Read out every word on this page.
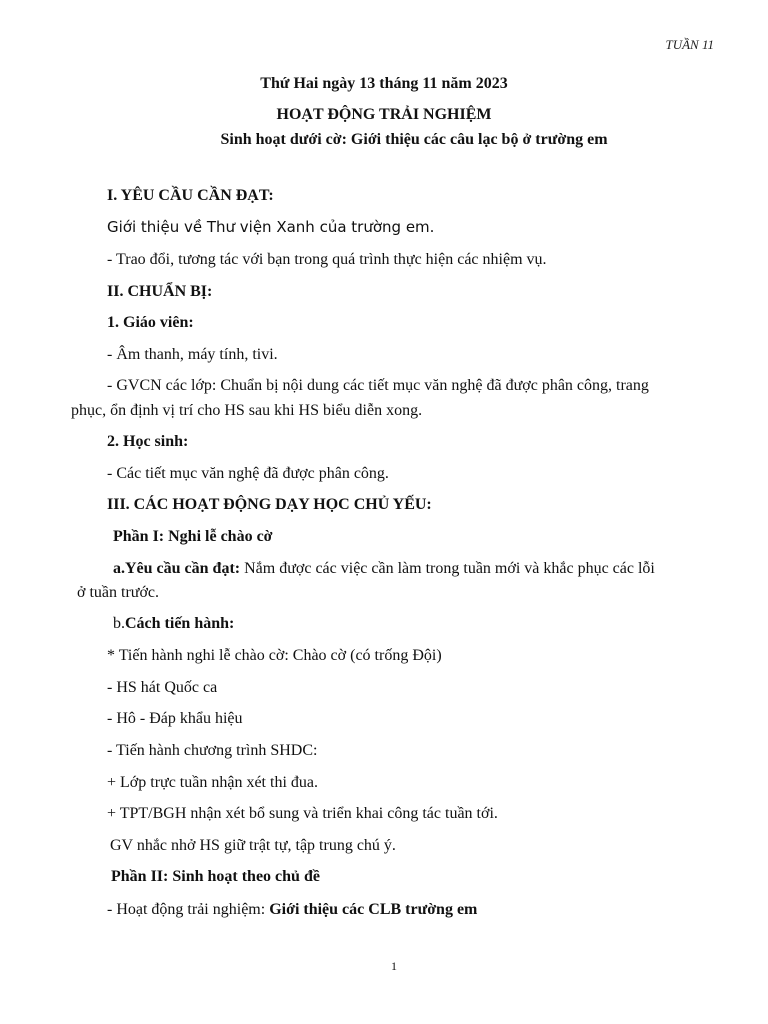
TUẦN 11
Thứ Hai ngày 13 tháng 11 năm 2023
HOẠT ĐỘNG TRẢI NGHIỆM
Sinh hoạt dưới cờ: Giới thiệu các câu lạc bộ ở trường em
I. YÊU CẦU CẦN ĐẠT:
Giới thiệu về Thư viện Xanh của trường em.
- Trao đổi, tương tác với bạn trong quá trình thực hiện các nhiệm vụ.
II. CHUẨN BỊ:
1. Giáo viên:
- Âm thanh, máy tính, tivi.
- GVCN các lớp: Chuẩn bị nội dung các tiết mục văn nghệ đã được phân công, trang
phục, ổn định vị trí cho HS sau khi HS biểu diễn xong.
2. Học sinh:
- Các tiết mục văn nghệ đã được phân công.
III. CÁC HOẠT ĐỘNG DẠY HỌC CHỦ YẾU:
Phần I: Nghi lễ chào cờ
a.Yêu cầu cần đạt: Nắm được các việc cần làm trong tuần mới và khắc phục các lỗi
ở tuần trước.
b.Cách tiến hành:
* Tiến hành nghi lễ chào cờ: Chào cờ (có trống Đội)
- HS hát Quốc ca
- Hô - Đáp khẩu hiệu
- Tiến hành chương trình SHDC:
+ Lớp trực tuần nhận xét thi đua.
+ TPT/BGH nhận xét bổ sung và triển khai công tác tuần tới.
GV nhắc nhở HS giữ trật tự, tập trung chú ý.
Phần II: Sinh hoạt theo chủ đề
- Hoạt động trải nghiệm: Giới thiệu các CLB trường em
1
